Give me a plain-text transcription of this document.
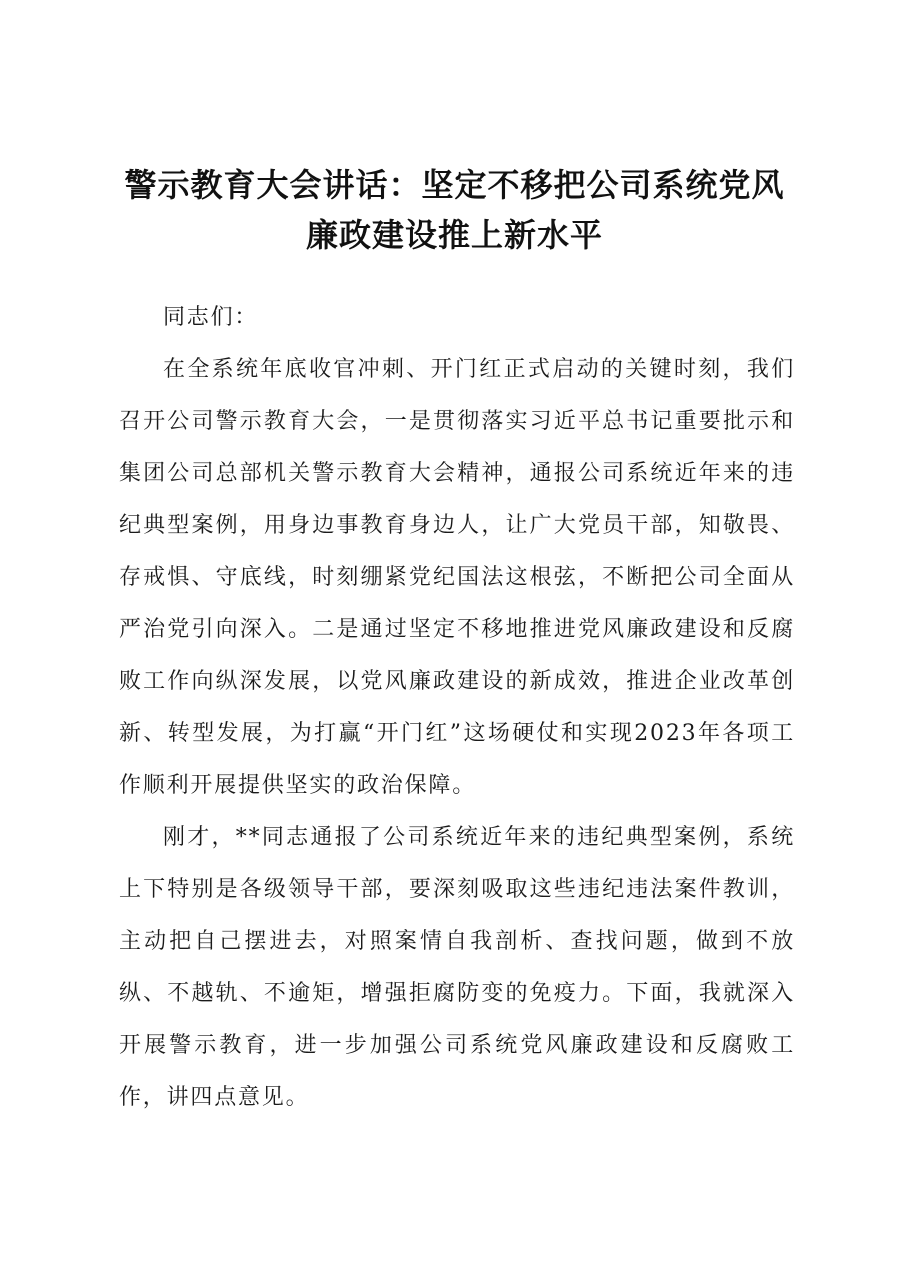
警示教育大会讲话：坚定不移把公司系统党风
廉政建设推上新水平

同志们：

在全系统年底收官冲刺、开门红正式启动的关键时刻，我们召开公司警示教育大会，一是贯彻落实习近平总书记重要批示和集团公司总部机关警示教育大会精神，通报公司系统近年来的违纪典型案例，用身边事教育身边人，让广大党员干部，知敬畏、存戒惧、守底线，时刻绷紧党纪国法这根弦，不断把公司全面从严治党引向深入。二是通过坚定不移地推进党风廉政建设和反腐败工作向纵深发展，以党风廉政建设的新成效，推进企业改革创新、转型发展，为打赢“开门红”这场硬仗和实现2023年各项工作顺利开展提供坚实的政治保障。

刚才，**同志通报了公司系统近年来的违纪典型案例，系统上下特别是各级领导干部，要深刻吸取这些违纪违法案件教训，主动把自己摆进去，对照案情自我剖析、查找问题，做到不放纵、不越轨、不逾矩，增强拒腐防变的免疫力。下面，我就深入开展警示教育，进一步加强公司系统党风廉政建设和反腐败工作，讲四点意见。
